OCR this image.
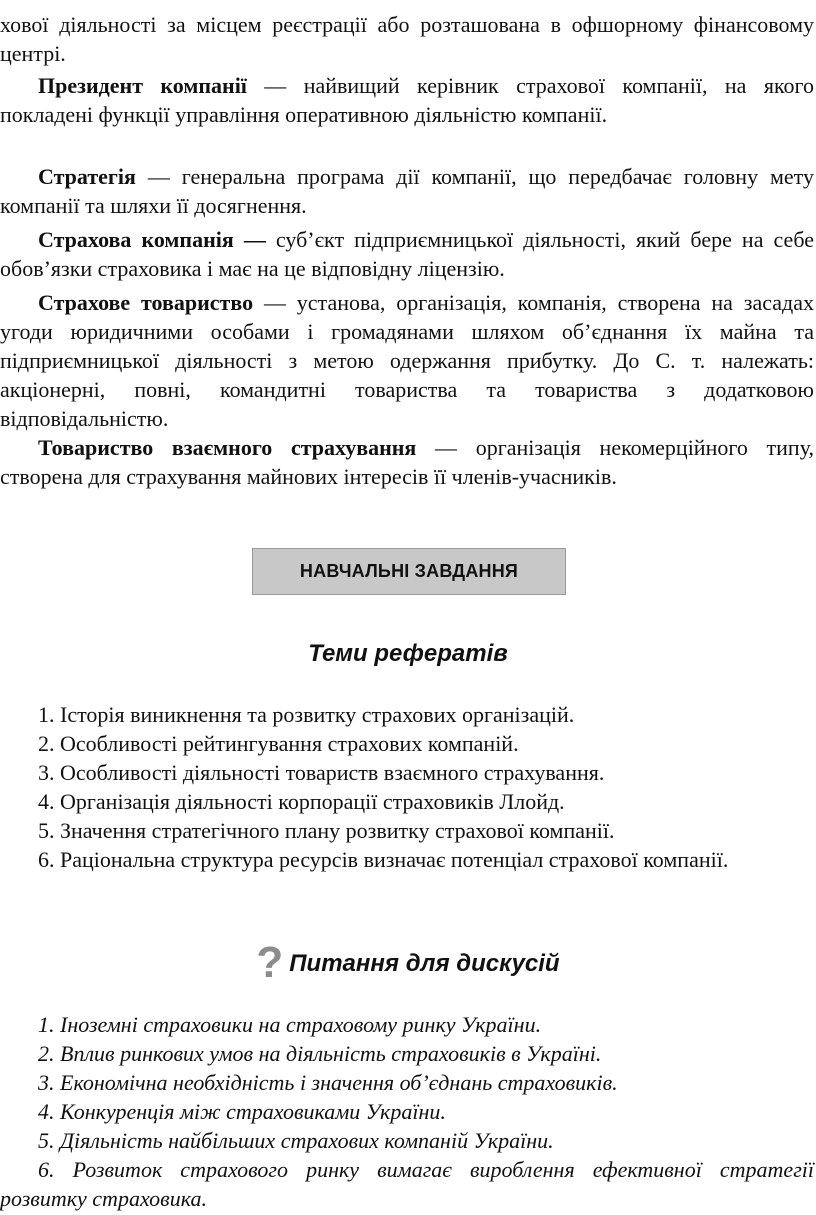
хової діяльності за місцем реєстрації або розташована в офшорному фінансовому центрі.

Президент компанії — найвищий керівник страхової компанії, на якого покладені функції управління оперативною діяльністю компанії.

Стратегія — генеральна програма дії компанії, що передбачає головну мету компанії та шляхи її досягнення.

Страхова компанія — суб’єкт підприємницької діяльності, який бере на себе обов’язки страховика і має на це відповідну ліцензію.

Страхове товариство — установа, організація, компанія, створена на засадах угоди юридичними особами і громадянами шляхом об’єднання їх майна та підприємницької діяльності з метою одержання прибутку. До С. т. належать: акціонерні, повні, командитні товариства та товариства з додатковою відповідальністю.

Товариство взаємного страхування — організація некомерційного типу, створена для страхування майнових інтересів її членів-учасників.

НАВЧАЛЬНІ ЗАВДАННЯ
Теми рефератів
1. Історія виникнення та розвитку страхових організацій.
2. Особливості рейтингування страхових компаній.
3. Особливості діяльності товариств взаємного страхування.
4. Організація діяльності корпорації страховиків Ллойд.
5. Значення стратегічного плану розвитку страхової компанії.
6. Раціональна структура ресурсів визначає потенціал страхової компанії.
? Питання для дискусій
1. Іноземні страховики на страховому ринку України.
2. Вплив ринкових умов на діяльність страховиків в Україні.
3. Економічна необхідність і значення об’єднань страховиків.
4. Конкуренція між страховиками України.
5. Діяльність найбільших страхових компаній України.
6. Розвиток страхового ринку вимагає вироблення ефективної стратегії розвитку страховика.
